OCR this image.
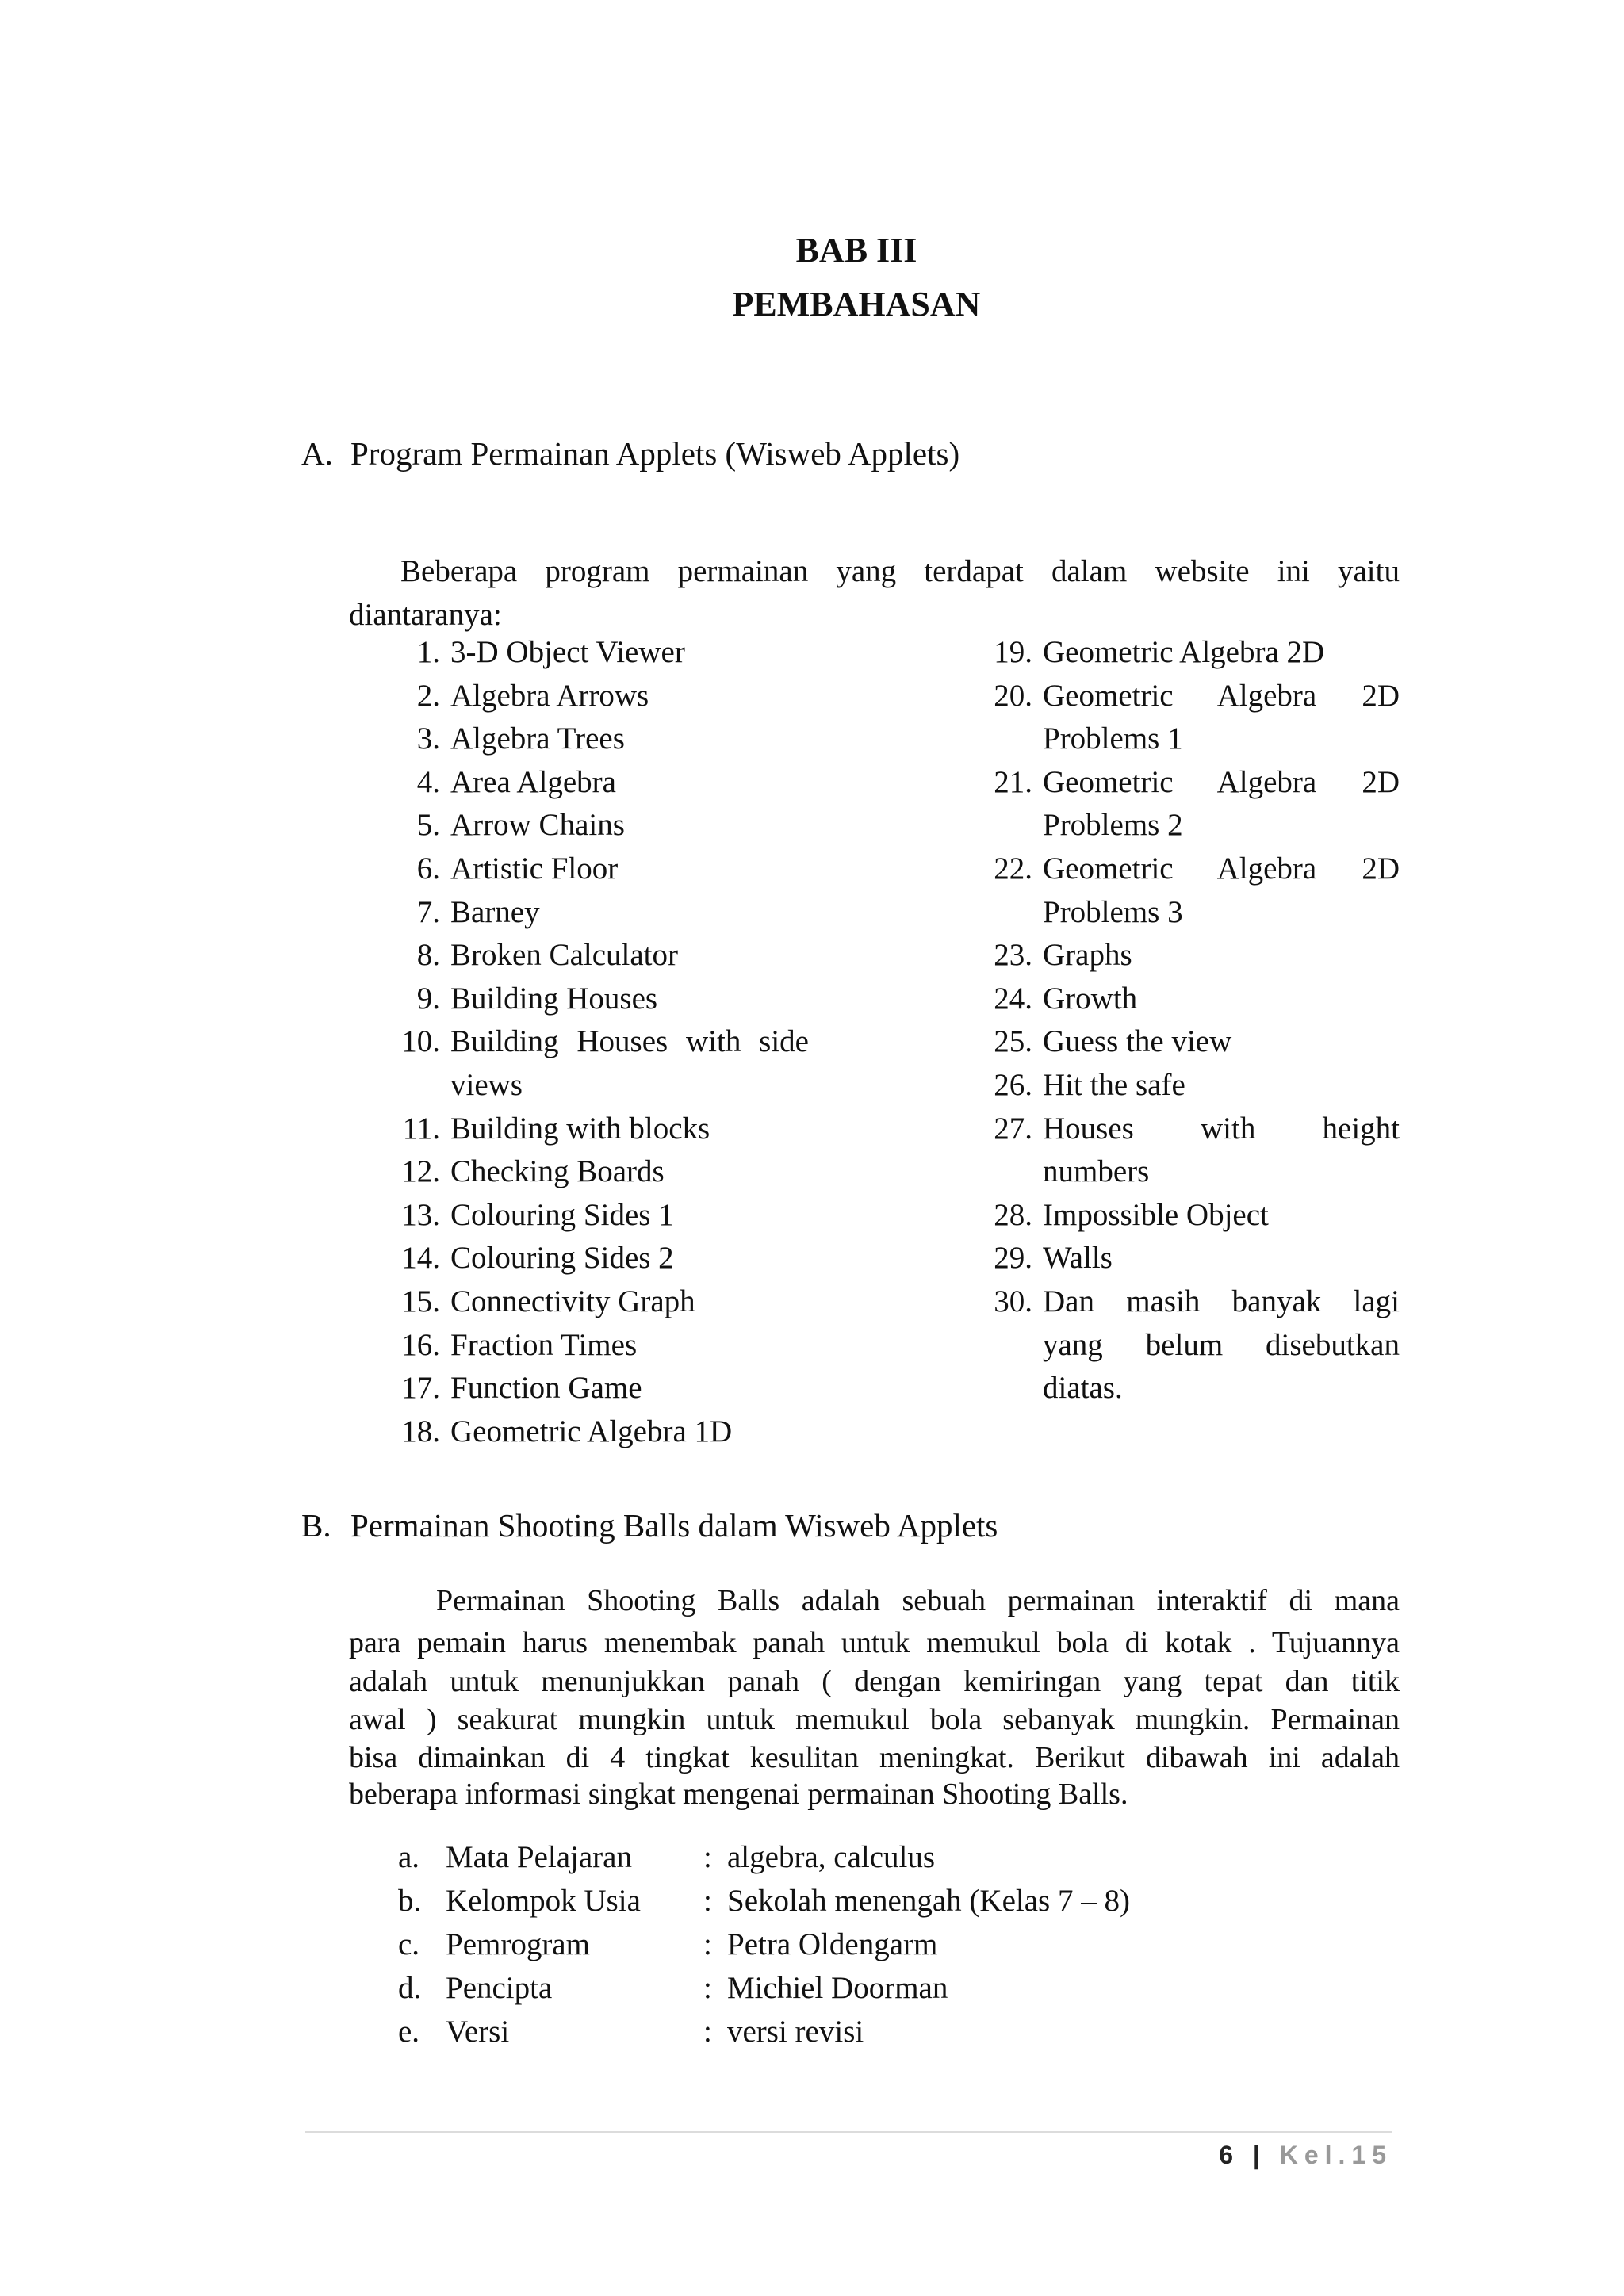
BAB III
PEMBAHASAN
A. Program Permainan Applets (Wisweb Applets)
Beberapa program permainan yang terdapat dalam website ini yaitu
diantaranya:
1. 3-D Object Viewer
2. Algebra Arrows
3. Algebra Trees
4. Area Algebra
5. Arrow Chains
6. Artistic Floor
7. Barney
8. Broken Calculator
9. Building Houses
10. Building Houses with side
views
11. Building with blocks
12. Checking Boards
13. Colouring Sides 1
14. Colouring Sides 2
15. Connectivity Graph
16. Fraction Times
17. Function Game
18. Geometric Algebra 1D
19. Geometric Algebra 2D
20. Geometric Algebra 2D
Problems 1
21. Geometric Algebra 2D
Problems 2
22. Geometric Algebra 2D
Problems 3
23. Graphs
24. Growth
25. Guess the view
26. Hit the safe
27. Houses with height
numbers
28. Impossible Object
29. Walls
30. Dan masih banyak lagi
yang belum disebutkan
diatas.
B. Permainan Shooting Balls dalam Wisweb Applets
Permainan Shooting Balls adalah sebuah permainan interaktif di mana
para pemain harus menembak panah untuk memukul bola di kotak . Tujuannya
adalah untuk menunjukkan panah ( dengan kemiringan yang tepat dan titik
awal ) seakurat mungkin untuk memukul bola sebanyak mungkin. Permainan
bisa dimainkan di 4 tingkat kesulitan meningkat. Berikut dibawah ini adalah
beberapa informasi singkat mengenai permainan Shooting Balls.
a. Mata Pelajaran : algebra, calculus
b. Kelompok Usia : Sekolah menengah (Kelas 7 – 8)
c. Pemrogram	: Petra Oldengarm
d. Pencipta	: Michiel Doorman
e. Versi	: versi revisi
6 | Kel.15
